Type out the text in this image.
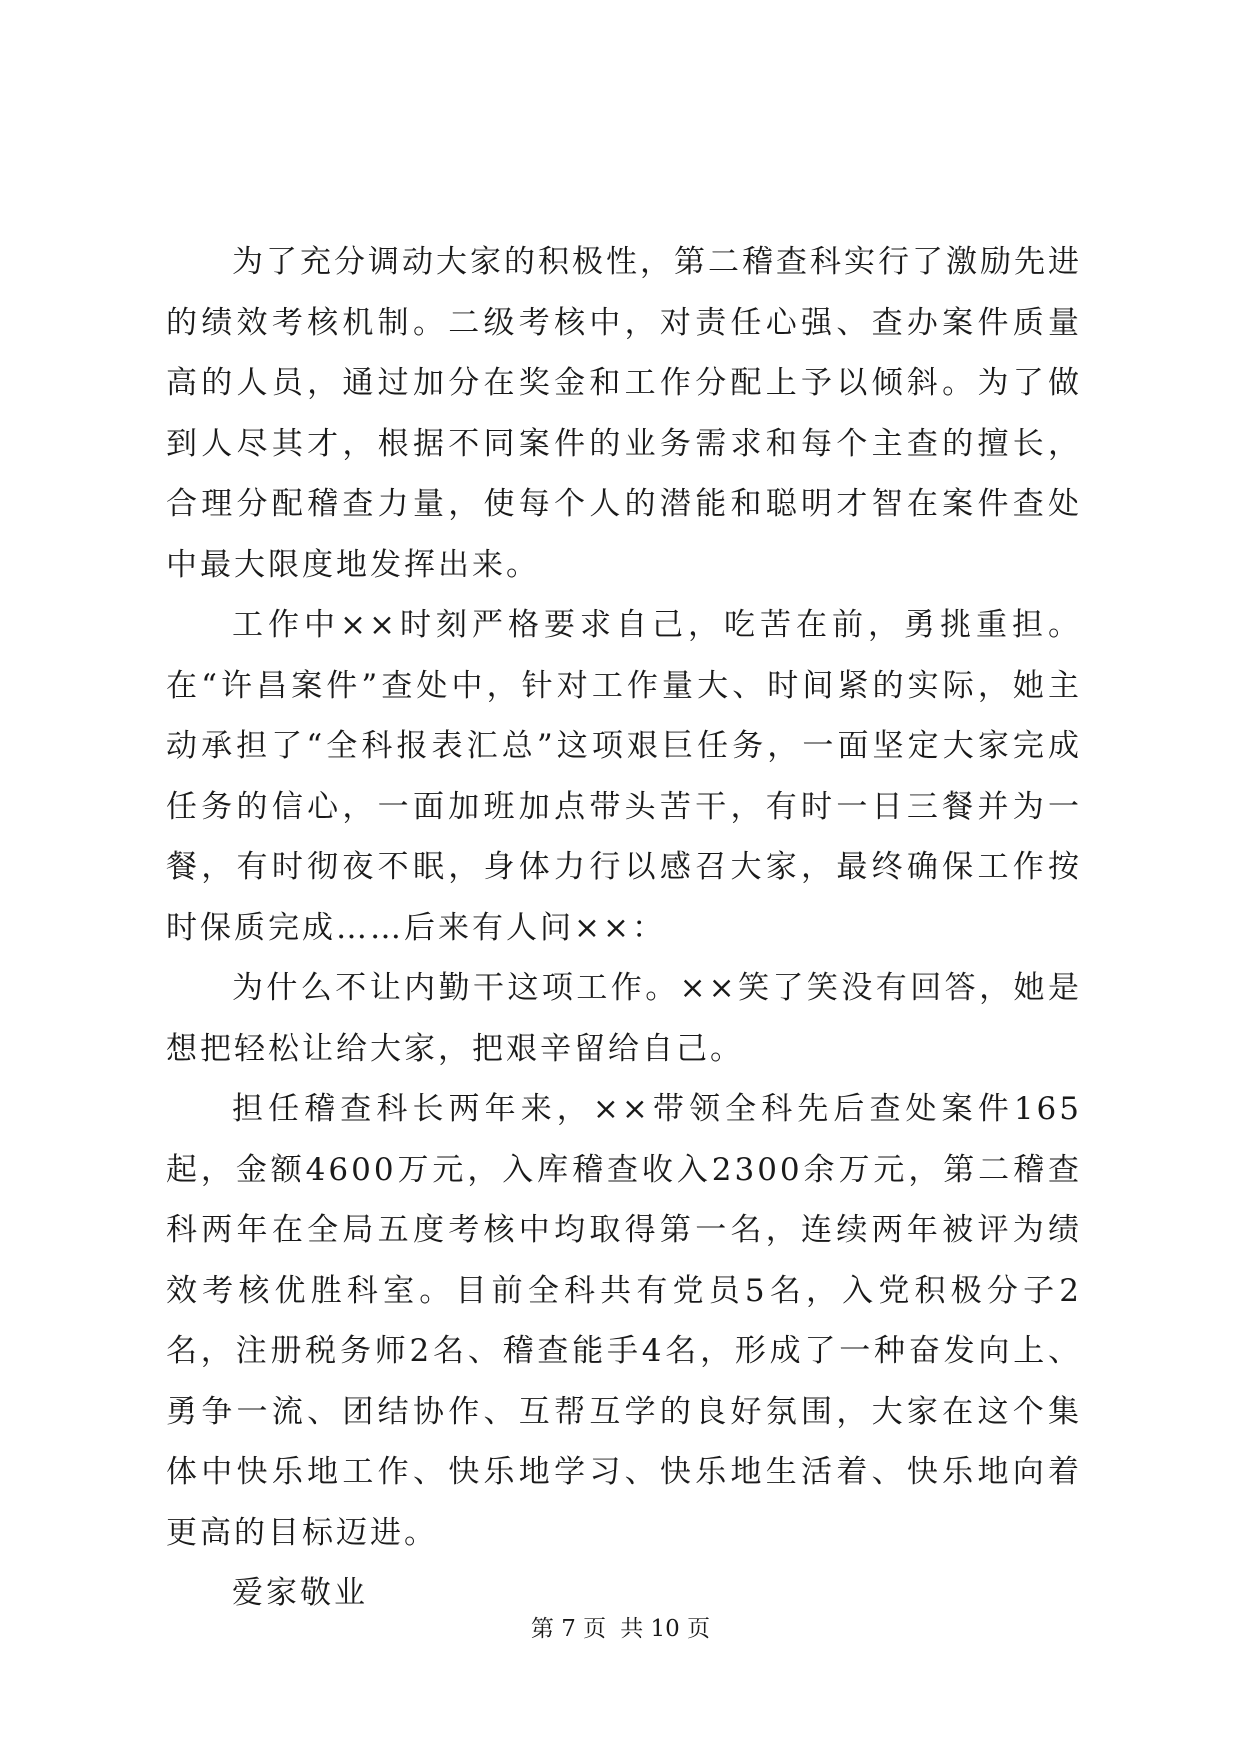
为了充分调动大家的积极性，第二稽查科实行了激励先进的绩效考核机制。二级考核中，对责任心强、查办案件质量高的人员，通过加分在奖金和工作分配上予以倾斜。为了做到人尽其才，根据不同案件的业务需求和每个主查的擅长，合理分配稽查力量，使每个人的潜能和聪明才智在案件查处中最大限度地发挥出来。

工作中××时刻严格要求自己，吃苦在前，勇挑重担。在“许昌案件”查处中，针对工作量大、时间紧的实际，她主动承担了“全科报表汇总”这项艰巨任务，一面坚定大家完成任务的信心，一面加班加点带头苦干，有时一日三餐并为一餐，有时彻夜不眠，身体力行以感召大家，最终确保工作按时保质完成……后来有人问××：

为什么不让内勤干这项工作。××笑了笑没有回答，她是想把轻松让给大家，把艰辛留给自己。

担任稽查科长两年来，××带领全科先后查处案件165起，金额4600万元，入库稽查收入2300余万元，第二稽查科两年在全局五度考核中均取得第一名，连续两年被评为绩效考核优胜科室。目前全科共有党员5名，入党积极分子2名，注册税务师2名、稽查能手4名，形成了一种奋发向上、勇争一流、团结协作、互帮互学的良好氛围，大家在这个集体中快乐地工作、快乐地学习、快乐地生活着、快乐地向着更高的目标迈进。

爱家敬业

第 7 页 共 10 页
